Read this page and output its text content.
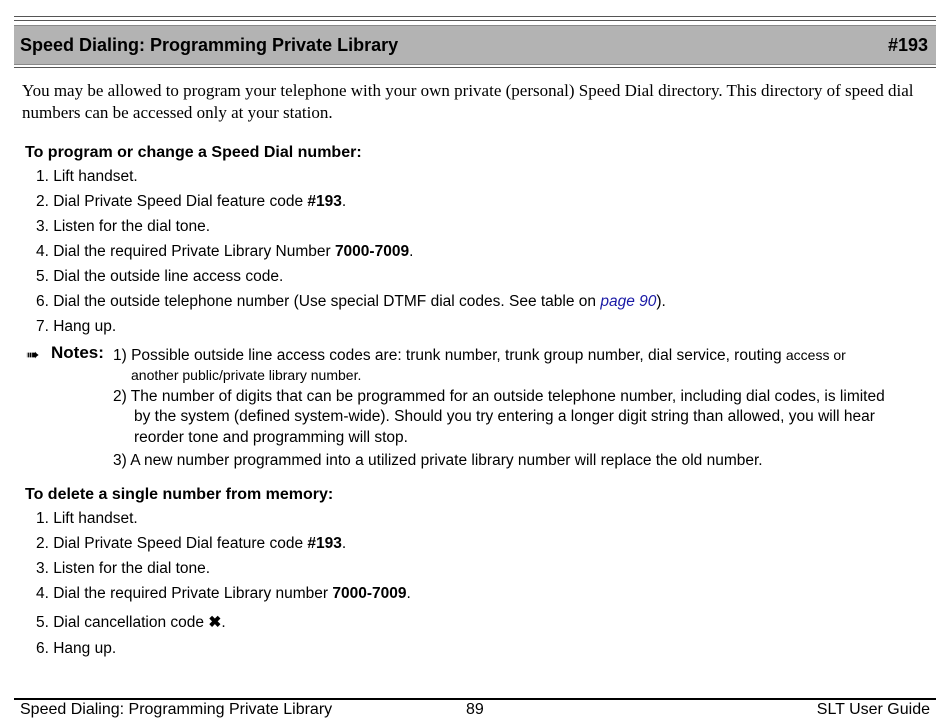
Speed Dialing: Programming Private Library	#193
You may be allowed to program your telephone with your own private (personal) Speed Dial directory. This directory of speed dial numbers can be accessed only at your station.
To program or change a Speed Dial number:
1. Lift handset.
2. Dial Private Speed Dial feature code #193.
3. Listen for the dial tone.
4. Dial the required Private Library Number 7000-7009.
5. Dial the outside line access code.
6. Dial the outside telephone number (Use special DTMF dial codes. See table on page 90).
7. Hang up.
➠ Notes: 1) Possible outside line access codes are: trunk number, trunk group number, dial service, routing access or
another public/private library number.
2) The number of digits that can be programmed for an outside telephone number, including dial codes, is limited
by the system (defined system-wide). Should you try entering a longer digit string than allowed, you will hear
reorder tone and programming will stop.
3) A new number programmed into a utilized private library number will replace the old number.
To delete a single number from memory:
1. Lift handset.
2. Dial Private Speed Dial feature code #193.
3. Listen for the dial tone.
4. Dial the required Private Library number 7000-7009.
5. Dial cancellation code ✖.
6. Hang up.
Speed Dialing: Programming Private Library	89	SLT User Guide
